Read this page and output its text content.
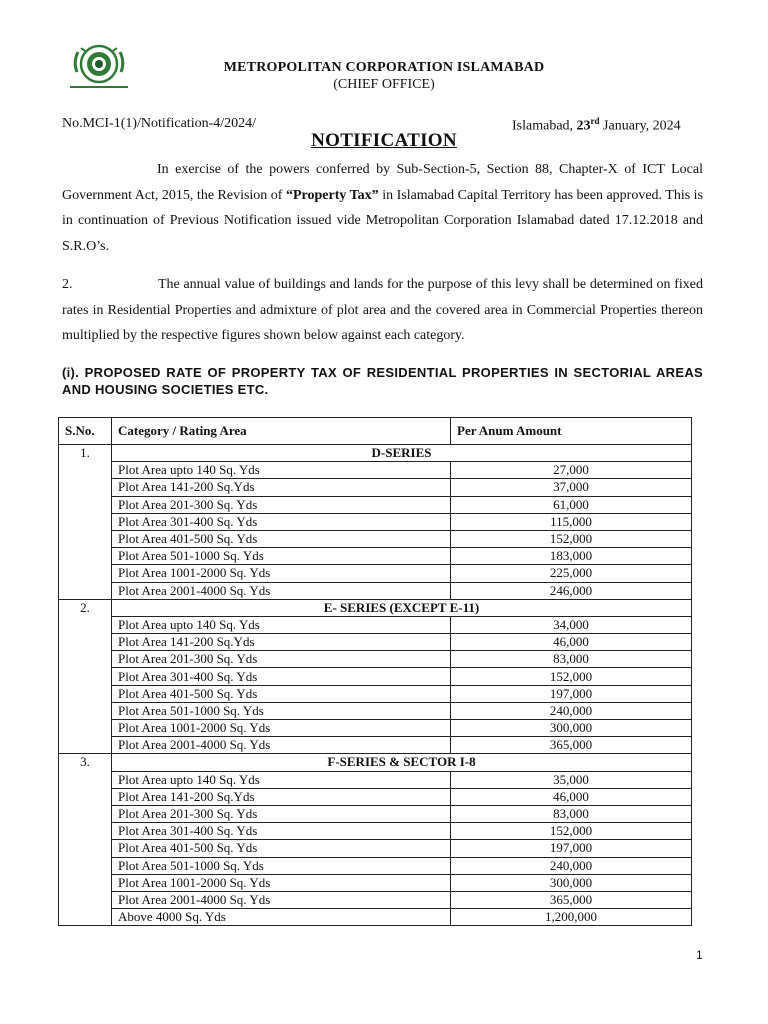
METROPOLITAN CORPORATION ISLAMABAD
(CHIEF OFFICE)
No.MCI-1(1)/Notification-4/2024/	Islamabad, 23rd January, 2024
NOTIFICATION
In exercise of the powers conferred by Sub-Section-5, Section 88, Chapter-X of ICT Local Government Act, 2015, the Revision of “Property Tax” in Islamabad Capital Territory has been approved. This is in continuation of Previous Notification issued vide Metropolitan Corporation Islamabad dated 17.12.2018 and S.R.O’s.
2.	The annual value of buildings and lands for the purpose of this levy shall be determined on fixed rates in Residential Properties and admixture of plot area and the covered area in Commercial Properties thereon multiplied by the respective figures shown below against each category.
(i). PROPOSED RATE OF PROPERTY TAX OF RESIDENTIAL PROPERTIES IN SECTORIAL AREAS AND HOUSING SOCIETIES ETC.
S.No.	Category / Rating Area	Per Anum Amount
1.	D-SERIES	
	Plot Area upto 140 Sq. Yds	27,000
	Plot Area 141-200 Sq.Yds	37,000
	Plot Area 201-300 Sq. Yds	61,000
	Plot Area 301-400 Sq. Yds	115,000
	Plot Area 401-500 Sq. Yds	152,000
	Plot Area 501-1000 Sq. Yds	183,000
	Plot Area 1001-2000 Sq. Yds	225,000
	Plot Area 2001-4000 Sq. Yds	246,000
2.	E- SERIES (EXCEPT E-11)	
	Plot Area upto 140 Sq. Yds	34,000
	Plot Area 141-200 Sq.Yds	46,000
	Plot Area 201-300 Sq. Yds	83,000
	Plot Area 301-400 Sq. Yds	152,000
	Plot Area 401-500 Sq. Yds	197,000
	Plot Area 501-1000 Sq. Yds	240,000
	Plot Area 1001-2000 Sq. Yds	300,000
	Plot Area 2001-4000 Sq. Yds	365,000
3.	F-SERIES & SECTOR I-8	
	Plot Area upto 140 Sq. Yds	35,000
	Plot Area 141-200 Sq.Yds	46,000
	Plot Area 201-300 Sq. Yds	83,000
	Plot Area 301-400 Sq. Yds	152,000
	Plot Area 401-500 Sq. Yds	197,000
	Plot Area 501-1000 Sq. Yds	240,000
	Plot Area 1001-2000 Sq. Yds	300,000
	Plot Area 2001-4000 Sq. Yds	365,000
	Above 4000 Sq. Yds	1,200,000
1
